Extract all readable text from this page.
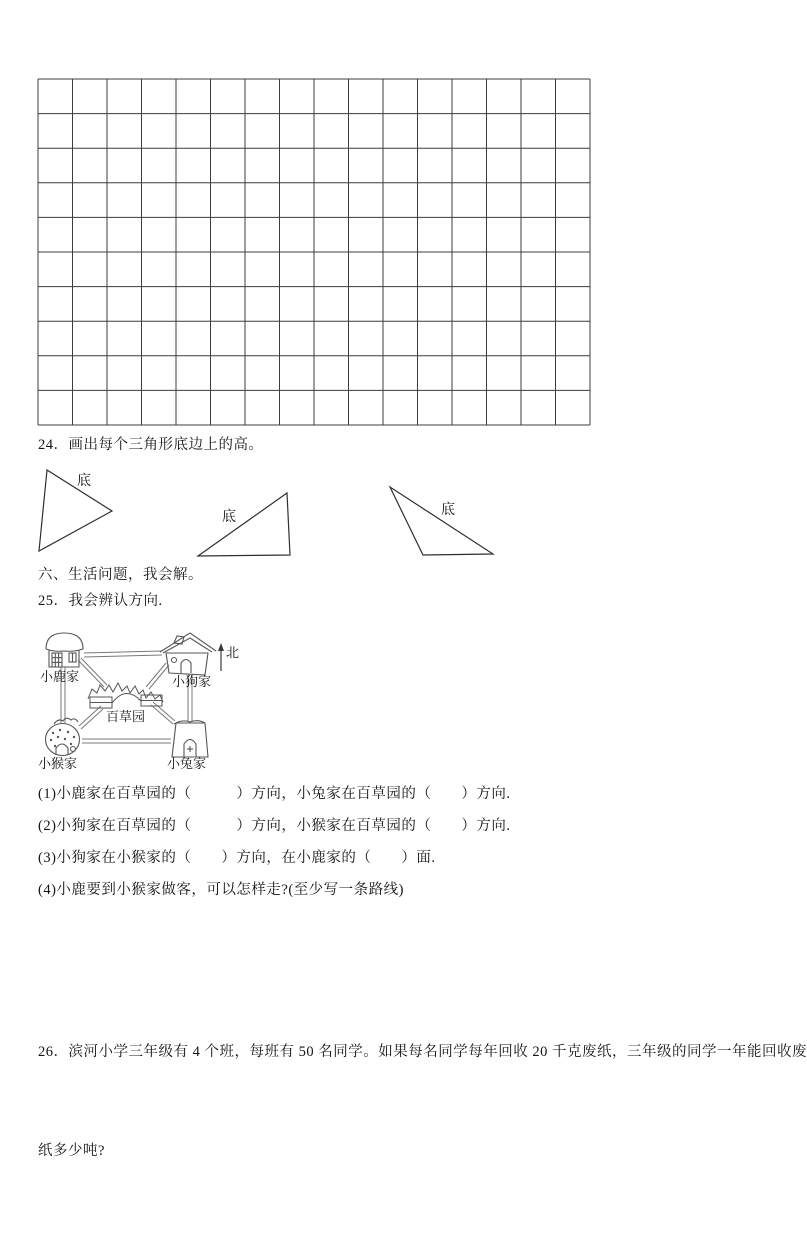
24．画出每个三角形底边上的高。
底
底	底
六、生活问题，我会解。
25．我会辨认方向.
北
小鹿家	小狗家
百草园
小猴家	小兔家
(1)小鹿家在百草园的（　　　）方向，小兔家在百草园的（　　）方向.
(2)小狗家在百草园的（　　　）方向，小猴家在百草园的（　　）方向.
(3)小狗家在小猴家的（　　）方向，在小鹿家的（　　）面.
(4)小鹿要到小猴家做客，可以怎样走?(至少写一条路线)

26．滨河小学三年级有 4 个班，每班有 50 名同学。如果每名同学每年回收 20 千克废纸，三年级的同学一年能回收废

纸多少吨?
